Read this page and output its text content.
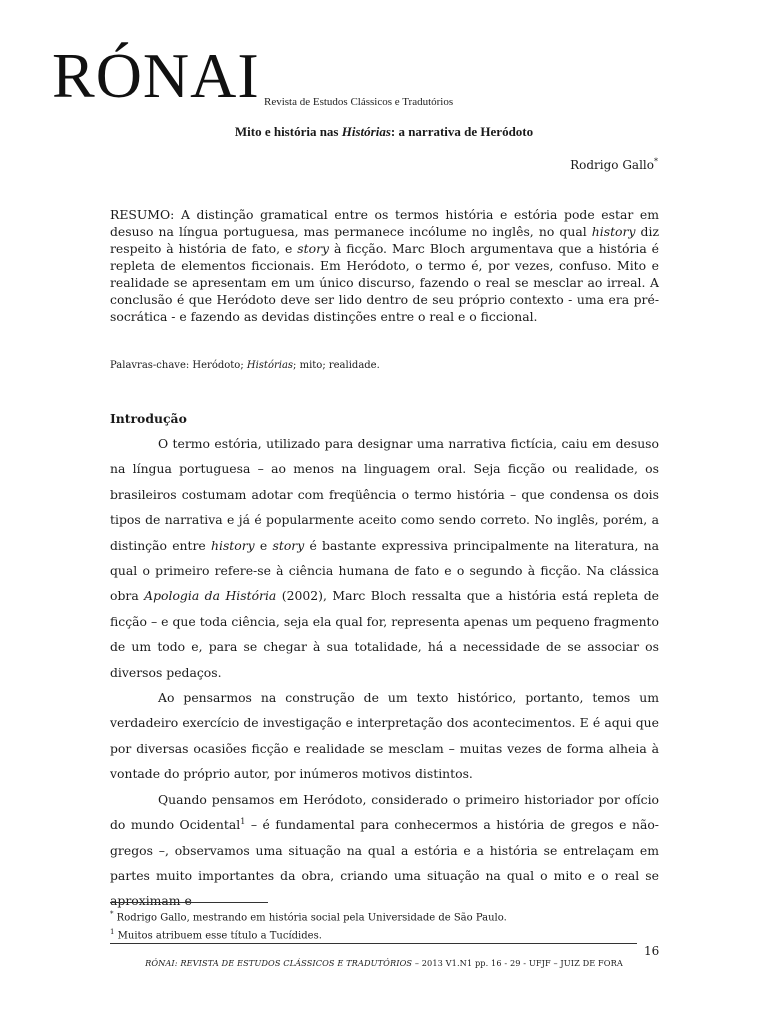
RÓNAI Revista de Estudos Clássicos e Tradutórios
Mito e história nas Histórias: a narrativa de Heródoto
Rodrigo Gallo*
RESUMO: A distinção gramatical entre os termos história e estória pode estar em desuso na língua portuguesa, mas permanece incólume no inglês, no qual history diz respeito à história de fato, e story à ficção. Marc Bloch argumentava que a história é repleta de elementos ficcionais. Em Heródoto, o termo é, por vezes, confuso. Mito e realidade se apresentam em um único discurso, fazendo o real se mesclar ao irreal. A conclusão é que Heródoto deve ser lido dentro de seu próprio contexto - uma era pré-socrática - e fazendo as devidas distinções entre o real e o ficcional.
Palavras-chave: Heródoto; Histórias; mito; realidade.
Introdução

O termo estória, utilizado para designar uma narrativa fictícia, caiu em desuso na língua portuguesa – ao menos na linguagem oral. Seja ficção ou realidade, os brasileiros costumam adotar com freqüência o termo história – que condensa os dois tipos de narrativa e já é popularmente aceito como sendo correto. No inglês, porém, a distinção entre history e story é bastante expressiva principalmente na literatura, na qual o primeiro refere-se à ciência humana de fato e o segundo à ficção. Na clássica obra Apologia da História (2002), Marc Bloch ressalta que a história está repleta de ficção – e que toda ciência, seja ela qual for, representa apenas um pequeno fragmento de um todo e, para se chegar à sua totalidade, há a necessidade de se associar os diversos pedaços.

Ao pensarmos na construção de um texto histórico, portanto, temos um verdadeiro exercício de investigação e interpretação dos acontecimentos. E é aqui que por diversas ocasiões ficção e realidade se mesclam – muitas vezes de forma alheia à vontade do próprio autor, por inúmeros motivos distintos.

Quando pensamos em Heródoto, considerado o primeiro historiador por ofício do mundo Ocidental$^1$ – é fundamental para conhecermos a história de gregos e não-gregos –, observamos uma situação na qual a estória e a história se entrelaçam em partes muito importantes da obra, criando uma situação na qual o mito e o real se aproximam e

* Rodrigo Gallo, mestrando em história social pela Universidade de São Paulo.
$^1$ Muitos atribuem esse título a Tucídides.
16
RÓNAI: REVISTA DE ESTUDOS CLÁSSICOS E TRADUTÓRIOS – 2013 V1.N1 pp. 16 - 29 - UFJF – JUIZ DE FORA
